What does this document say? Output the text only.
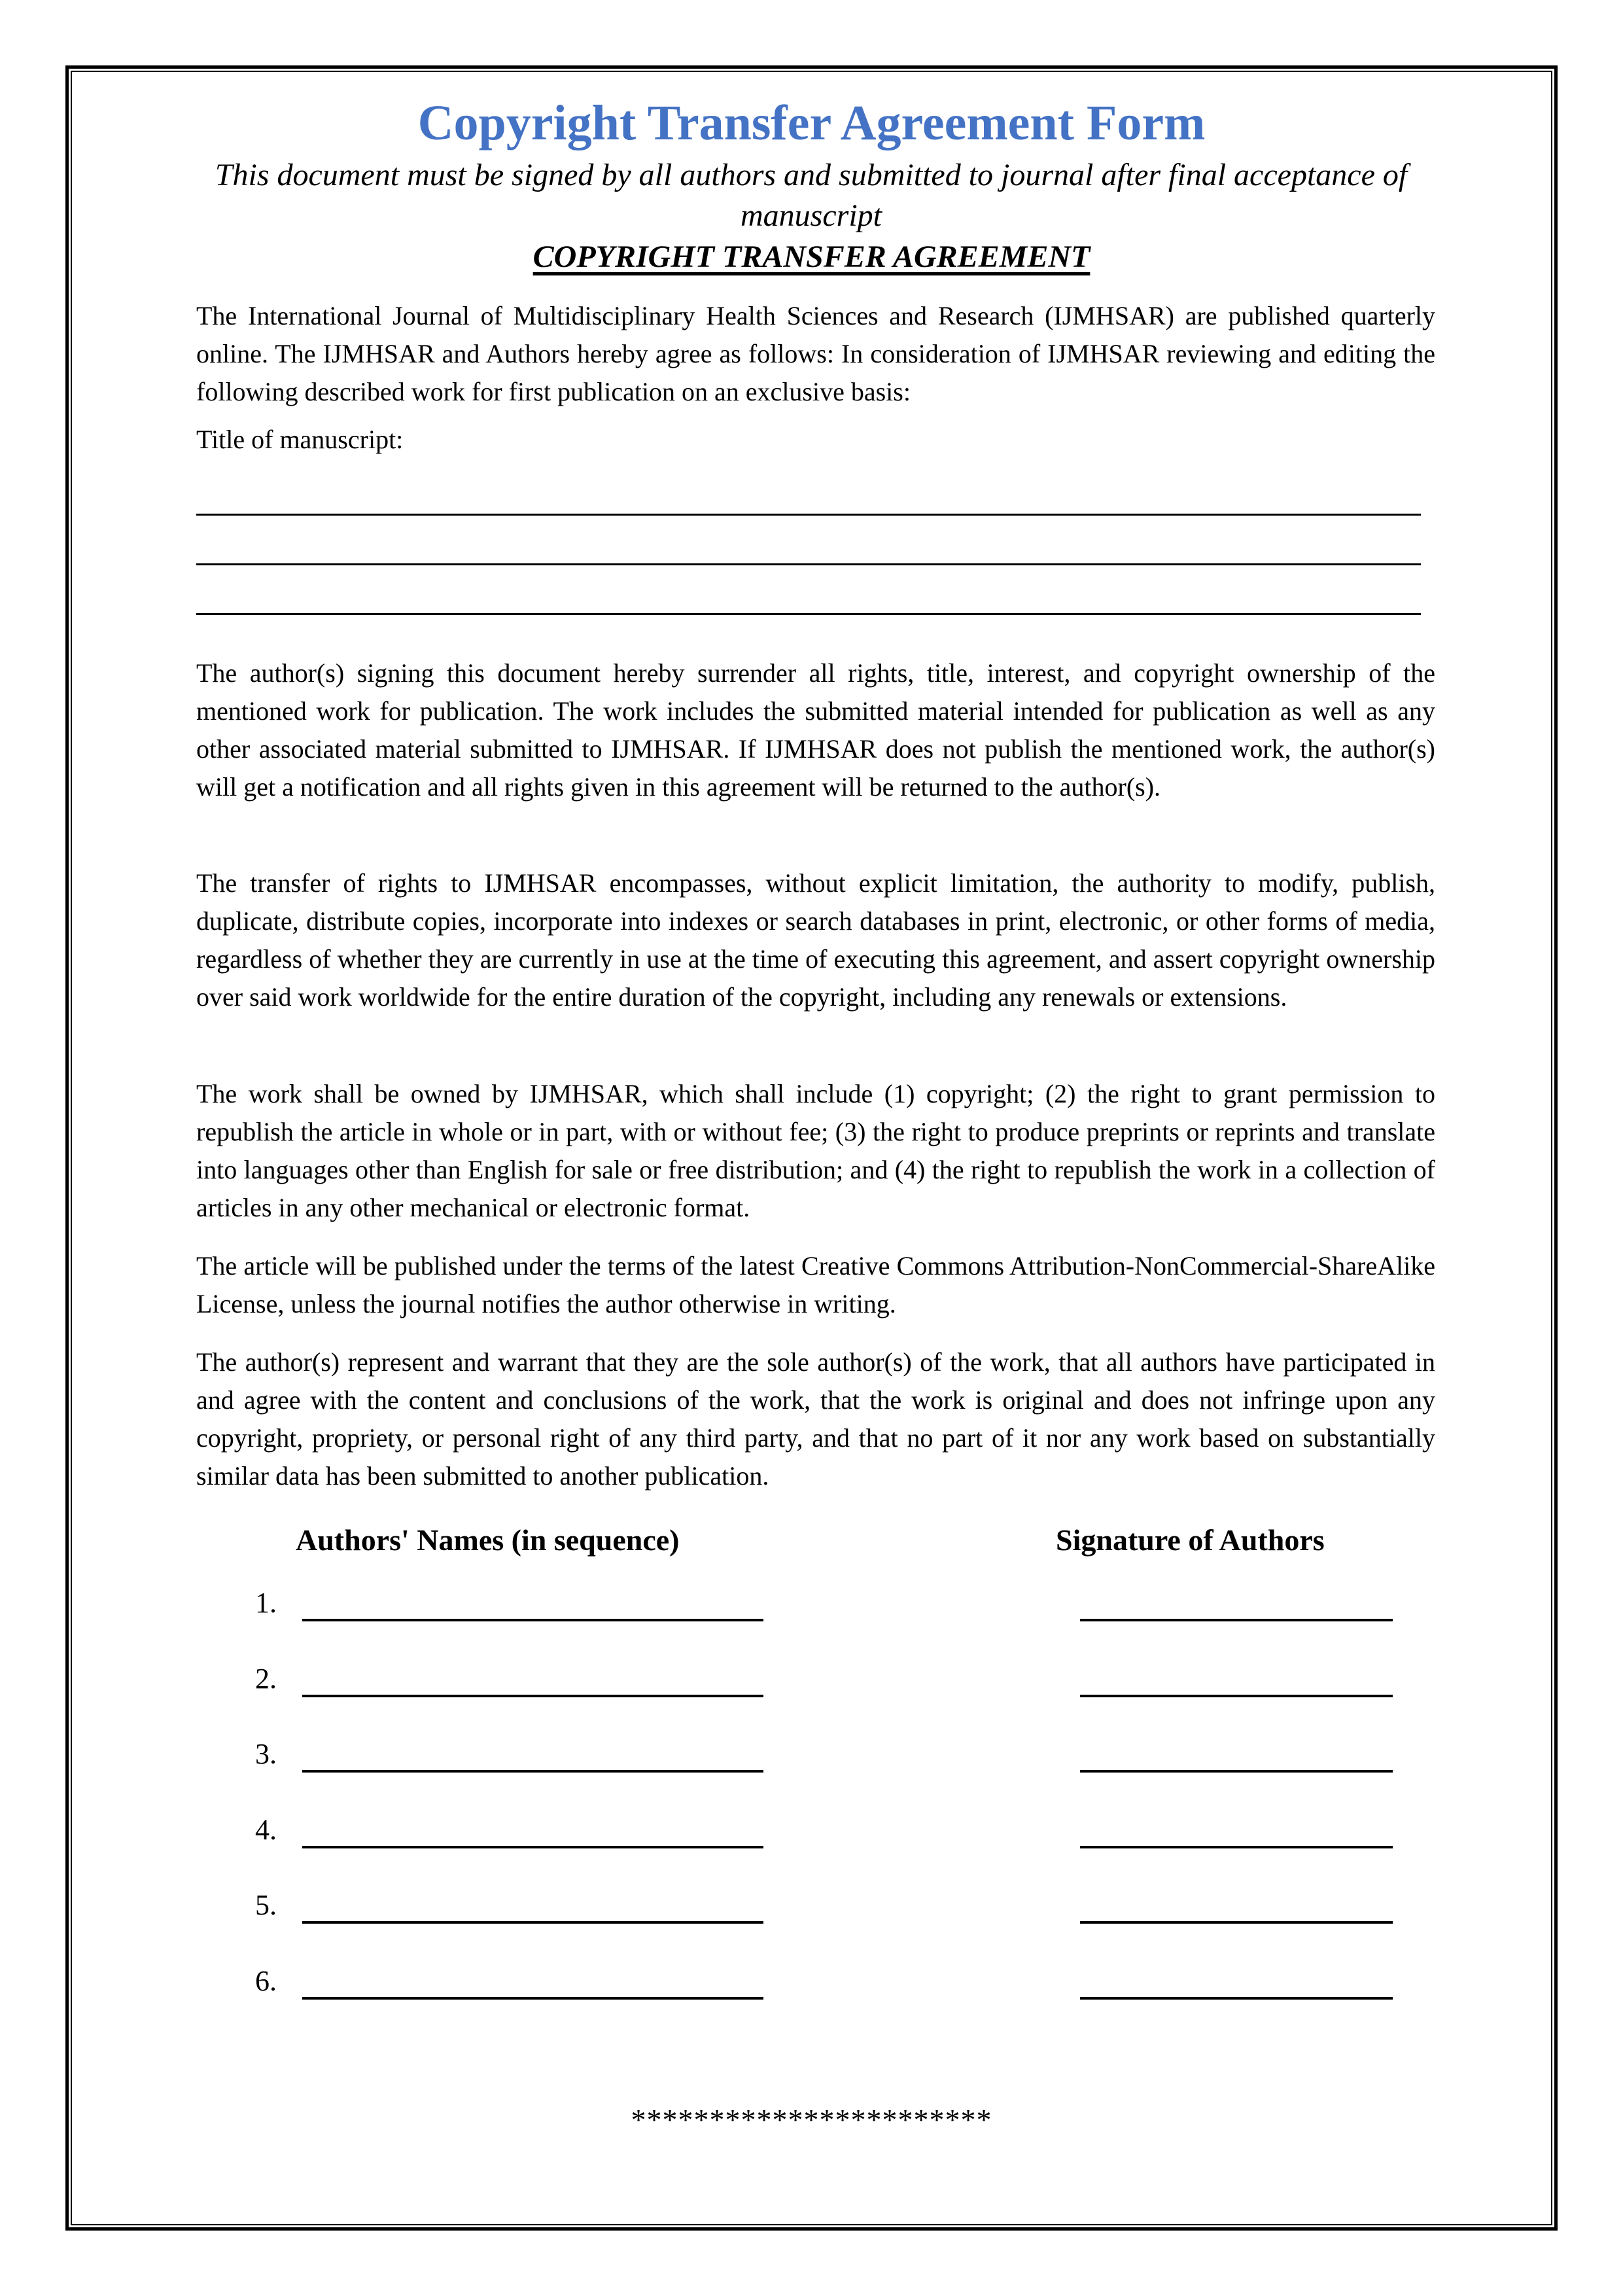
Copyright Transfer Agreement Form
This document must be signed by all authors and submitted to journal after final acceptance of manuscript
COPYRIGHT TRANSFER AGREEMENT

The International Journal of Multidisciplinary Health Sciences and Research (IJMHSAR) are published quarterly online. The IJMHSAR and Authors hereby agree as follows: In consideration of IJMHSAR reviewing and editing the following described work for first publication on an exclusive basis:

Title of manuscript:

The author(s) signing this document hereby surrender all rights, title, interest, and copyright ownership of the mentioned work for publication. The work includes the submitted material intended for publication as well as any other associated material submitted to IJMHSAR. If IJMHSAR does not publish the mentioned work, the author(s) will get a notification and all rights given in this agreement will be returned to the author(s).

The transfer of rights to IJMHSAR encompasses, without explicit limitation, the authority to modify, publish, duplicate, distribute copies, incorporate into indexes or search databases in print, electronic, or other forms of media, regardless of whether they are currently in use at the time of executing this agreement, and assert copyright ownership over said work worldwide for the entire duration of the copyright, including any renewals or extensions.

The work shall be owned by IJMHSAR, which shall include (1) copyright; (2) the right to grant permission to republish the article in whole or in part, with or without fee; (3) the right to produce preprints or reprints and translate into languages other than English for sale or free distribution; and (4) the right to republish the work in a collection of articles in any other mechanical or electronic format.

The article will be published under the terms of the latest Creative Commons Attribution-NonCommercial-ShareAlike License, unless the journal notifies the author otherwise in writing.

The author(s) represent and warrant that they are the sole author(s) of the work, that all authors have participated in and agree with the content and conclusions of the work, that the work is original and does not infringe upon any copyright, propriety, or personal right of any third party, and that no part of it nor any work based on substantially similar data has been submitted to another publication.

Authors' Names (in sequence)	Signature of Authors
1.
2.
3.
4.
5.
6.
***********************
